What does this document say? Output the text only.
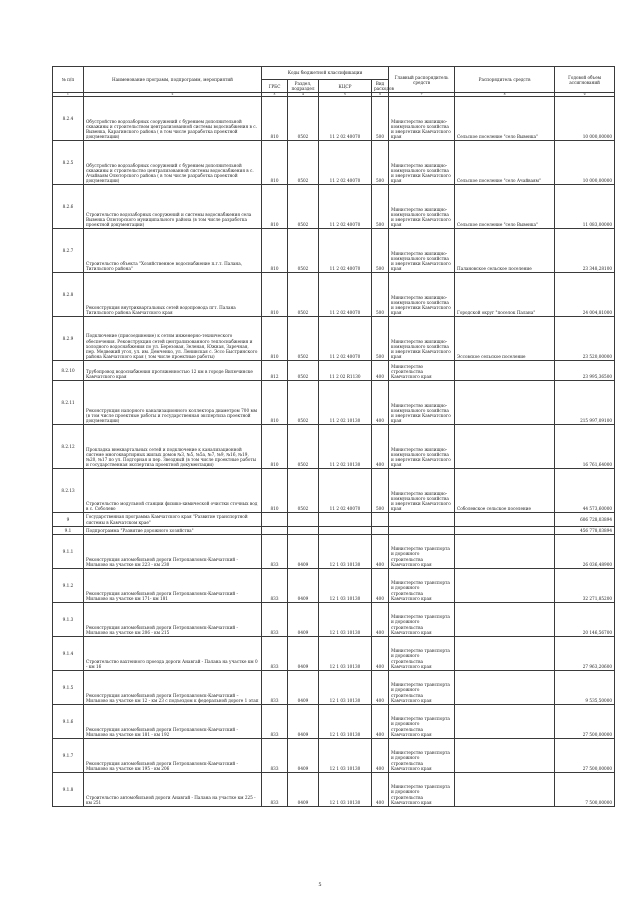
№ п/п	Наименование программ, подпрограмм, мероприятий	Коды бюджетной классификации				Главный распорядитель средств	Распорядитель средств	Годовой объем ассигнований
		ГРБС	Раздел, подраздел	КЦСР	Вид расходов			
1	2	3	4	5	6	7	8	9
8.2.4	Обустройство водозаборных сооружений с бурением дополнительной скважины и строительством централизованной системы водоснабжения в с. Вывенка, Карагинского района ( в том числе разработка проектной документации)	810	0502	11 2 02 40070	500	Министерство жилищно-коммунального хозяйства и энергетики Камчатского края	Сельское поселение "село Вывенка"	10 000,00000
8.2.5	Обустройство водозаборных сооружений с бурением дополнительной скважины и строительство централизованной системы водоснабжения в с. Ачайваям Олюторского района ( в том числе разработка проектной документации)	810	0502	11 2 02 40070	500	Министерство жилищно-коммунального хозяйства и энергетики Камчатского края	Сельское поселение "село Ачайваям"	10 000,00000
8.2.6	Строительство водозаборных сооружений и системы водоснабжения села Вывенка Олюторского муниципального района (в том числе разработка проектной документации)	810	0502	11 2 02 40070	500	Министерство жилищно-коммунального хозяйства и энергетики Камчатского края	Сельское поселение "село Вывенка"	11 083,00000
8.2.7	Строительство объекта "Хозяйственное водоснабжение п.г.т. Палана, Тигильского района"	810	0502	11 2 02 40070	500	Министерство жилищно-коммунального хозяйства и энергетики Камчатского края	Палановское сельское поселение	23 348,28100
8.2.8	Реконструкция внутриквартальных сетей водопровода пгт. Палана Тигильского района Камчатского края	810	0502	11 2 02 40070	500	Министерство жилищно-коммунального хозяйства и энергетики Камчатского края	Городской округ "поселок Палана"	24 004,81000
8.2.9	Подключение (присоединение) к сетям инженерно-технического обеспечения. Реконструкция сетей централизованного теплоснабжения и холодного водоснабжения по ул. Березовая, Зеленая, Южная, Заречная, пер. Медвежий угол, ул. им. Демченко, ул. Ленинская с. Эссо Быстринского района Камчатского края ( том числе проектные работы)	810	0502	11 2 02 40070	500	Министерство жилищно-коммунального хозяйства и энергетики Камчатского края	Эссовское сельское поселение	23 520,00000
8.2.10	Трубопровод водоснабжения протяженностью 12 км в городе Вилючинске Камчатского края	812	0502	11 2 02 R1130	400	Министерство строительства Камчатского края		23 995,36500
8.2.11	Реконструкция напорного канализационного коллектора диаметром 700 мм (в том числе проектные работы и государственная экспертиза проектной документации)	810	0502	11 2 02 10130	400	Министерство жилищно-коммунального хозяйства и энергетики Камчатского края		215 997,09100
8.2.12	Прокладка внеквартальных сетей и подключение к канализационной системе многоквартирных жилых домов №3, №5, №5а, №7, №9, №16, №19, №20, №17 по ул. Подгорная и пер. Звездный (в том числе проектные работы и государственная экспертиза проектной документации)	810	0502	11 2 02 10130	400	Министерство жилищно-коммунального хозяйства и энергетики Камчатского края		16 761,64000
8.2.13	Строительство модульной станции физико-химической очистки сточных вод в с. Соболево	810	0502	11 2 02 40070	500	Министерство жилищно-коммунального хозяйства и энергетики Камчатского края	Соболевское сельское поселение	44 573,60000
9	Государственная программа Камчатского края "Развитие транспортной системы в Камчатском крае"							606 728,03894
9.1	Подпрограмма "Развитие дорожного хозяйства"							456 778,03894
9.1.1	Реконструкция автомобильной дороги Петропавловск-Камчатский - Мильково на участке км 223 - км 230	833	0409	12 1 03 10130	400	Министерство транспорта и дорожного строительства Камчатского края		26 036,48900
9.1.2	Реконструкция автомобильной дороги Петропавловск-Камчатский - Мильково на участке км 171- км 181	833	0409	12 1 03 10130	400	Министерство транспорта и дорожного строительства Камчатского края		32 271,85200
9.1.3	Реконструкция автомобильной дороги Петропавловск-Камчатский - Мильково на участке км 206 - км 215	833	0409	12 1 03 10130	400	Министерство транспорта и дорожного строительства Камчатского края		20 146,56700
9.1.4	Строительство вахтенного проезда дороги Анавгай - Палана на участке км 0 - км 16	833	0409	12 1 03 10130	400	Министерство транспорта и дорожного строительства Камчатского края		27 963,20600
9.1.5	Реконструкция автомобильной дороги Петропавловск-Камчатский – Мильково на участке км 12 - км 23 с подъездом к федеральной дороге 1 этап	833	0409	12 1 03 10130	400	Министерство транспорта и дорожного строительства Камчатского края		9 535,50000
9.1.6	Реконструкция автомобильной дороги Петропавловск-Камчатский - Мильково на участке км 181 - км 192	833	0409	12 1 03 10130	400	Министерство транспорта и дорожного строительства Камчатского края		27 500,00000
9.1.7	Реконструкция автомобильной дороги Петропавловск-Камчатский - Мильково на участке км 195 - км 206	833	0409	12 1 03 10130	400	Министерство транспорта и дорожного строительства Камчатского края		27 500,00000
9.1.8	Строительство автомобильной дороги Анавгай - Палана на участке км 225 - км 251	833	0409	12 1 03 10130	400	Министерство транспорта и дорожного строительства Камчатского края		7 500,00000
5
